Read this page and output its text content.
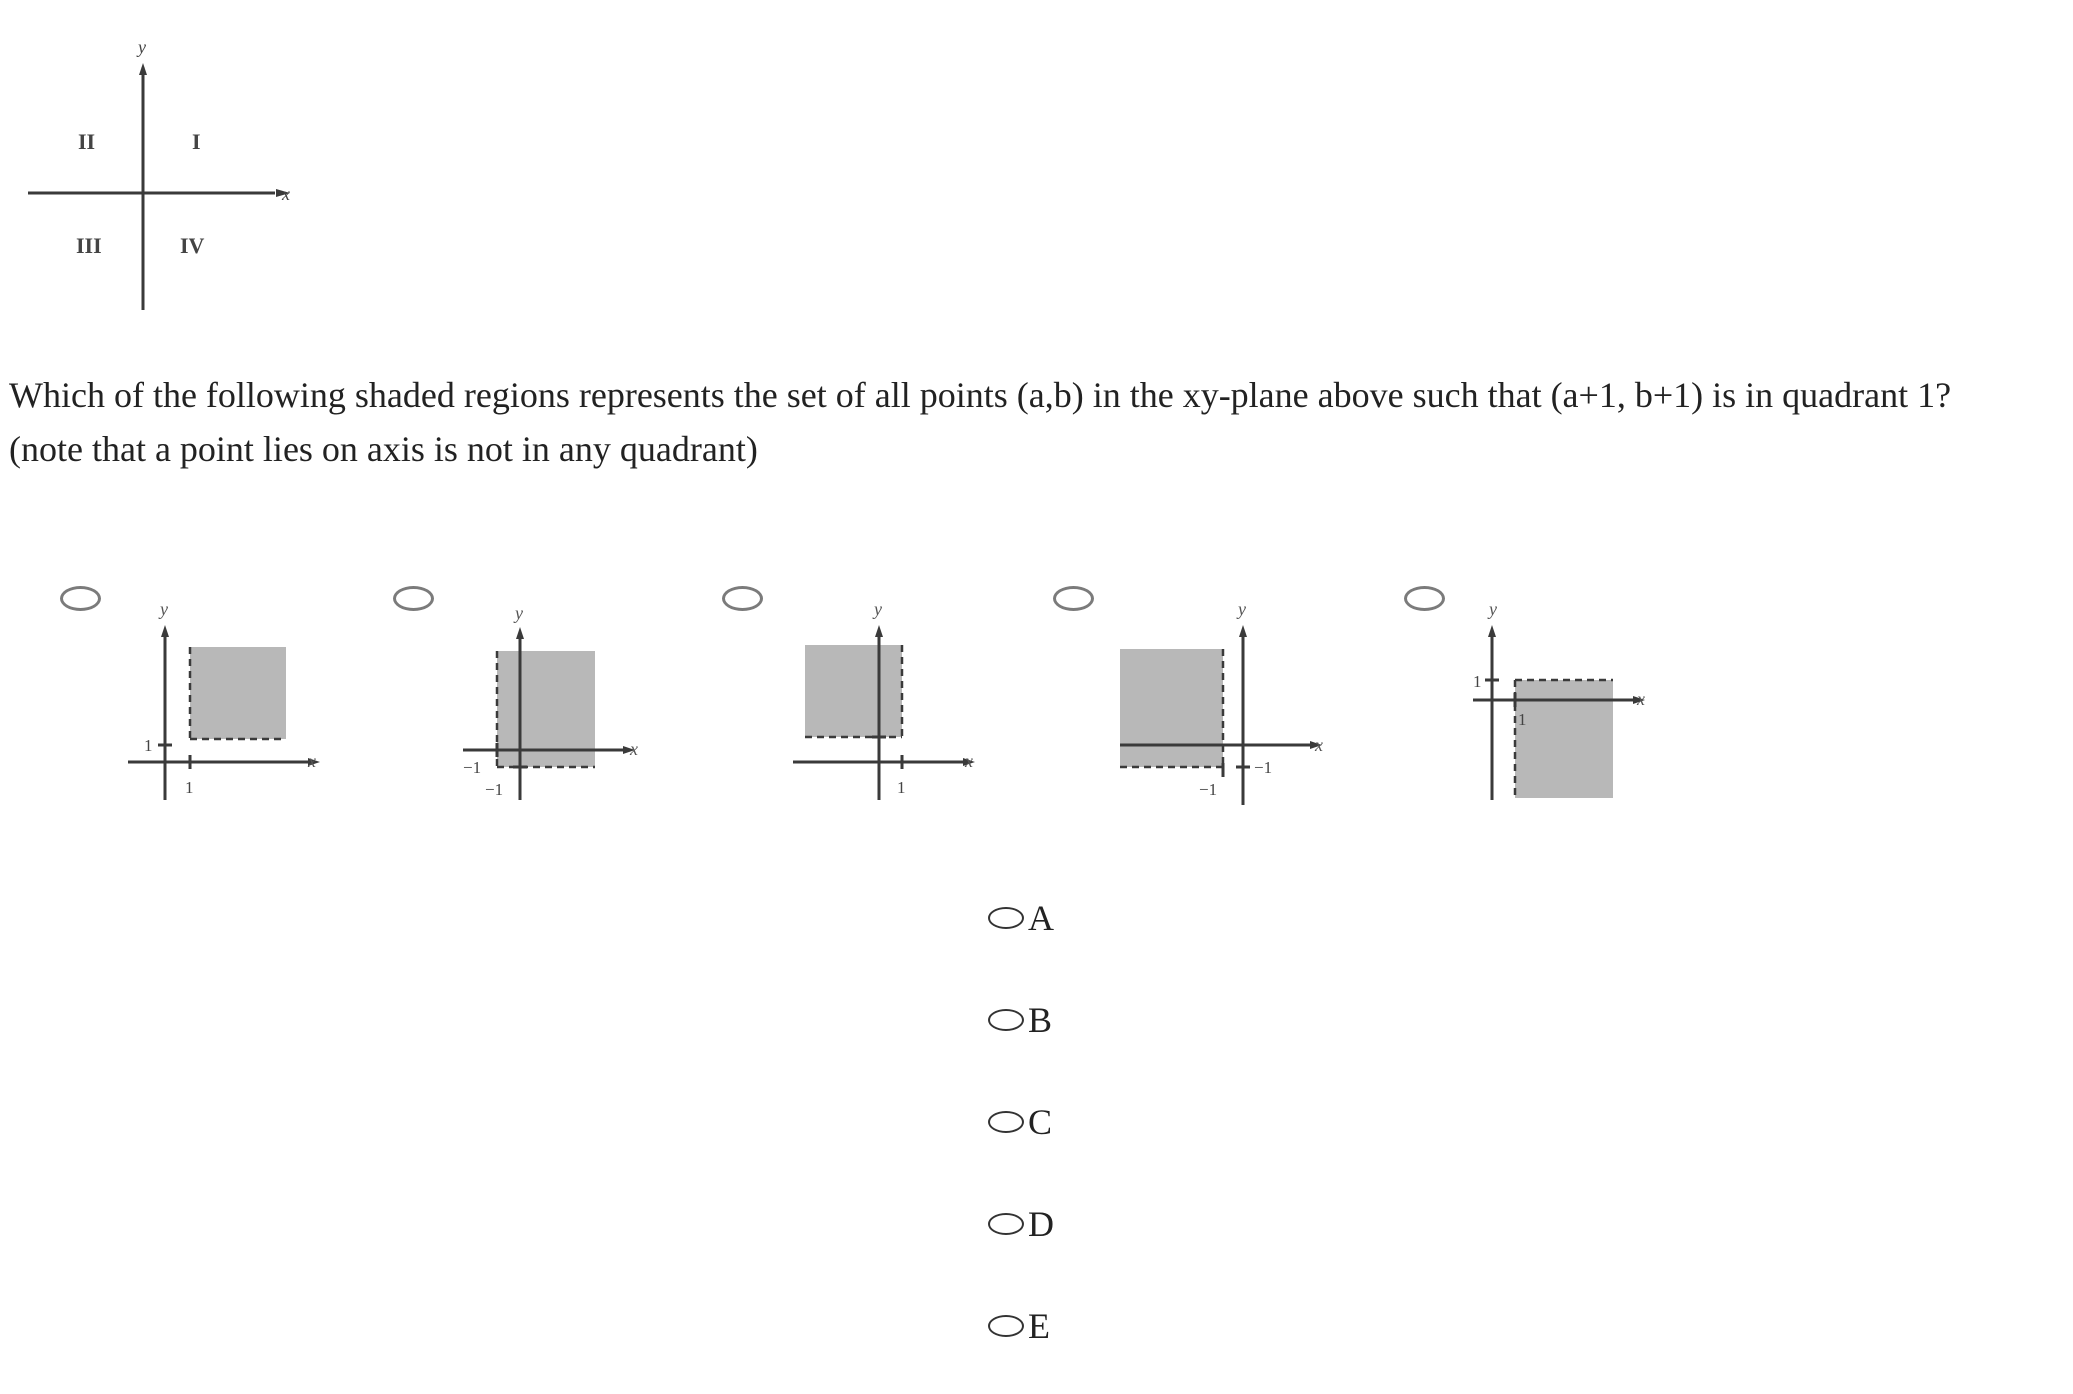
y
x
II	I
III	IV
Which of the following shaded regions represents the set of all points (a,b) in the xy-plane above such that (a+1, b+1) is in quadrant 1?
(note that a point lies on axis is not in any quadrant)
y
x
1
1
y
x
−1
−1
y
x
1
y
x
−1
−1
y
x
1
1
A
B
C
D
E
